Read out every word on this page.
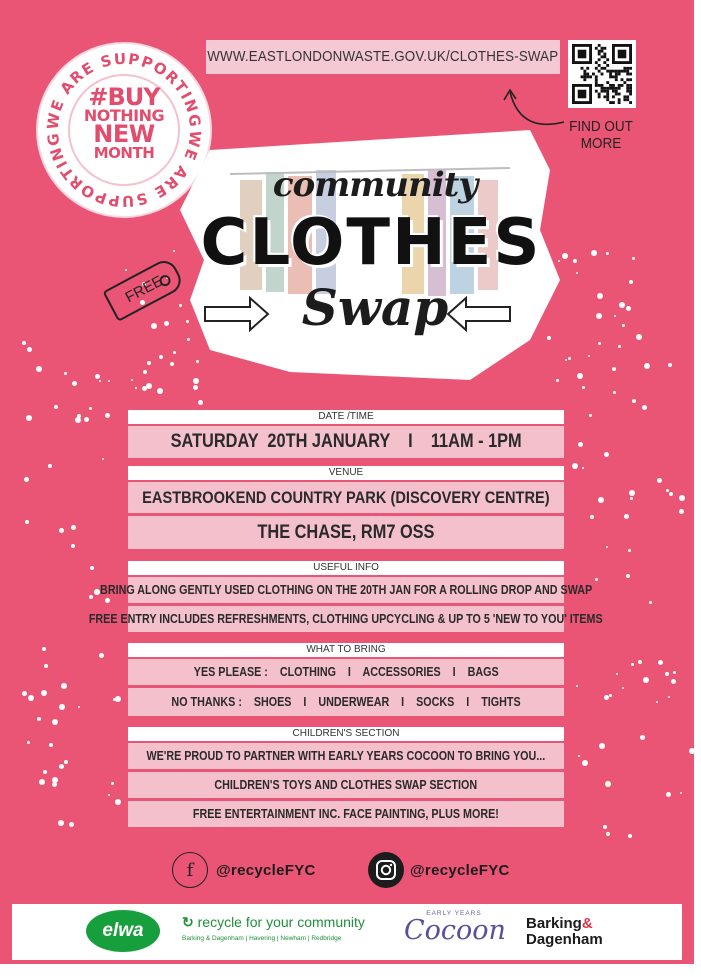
WE ARE SUPPORTING
WE ARE SUPPORTING
#BUY
NOTHING
NEW
MONTH
WWW.EASTLONDONWASTE.GOV.UK/CLOTHES-SWAP
FIND OUT
MORE
community
CLOTHES
Swap
FREE
DATE /TIME
SATURDAY  20TH JANUARY    I    11AM - 1PM
VENUE
EASTBROOKEND COUNTRY PARK (DISCOVERY CENTRE)
THE CHASE, RM7 OSS
USEFUL INFO
BRING ALONG GENTLY USED CLOTHING ON THE 20TH JAN FOR A ROLLING DROP AND SWAP
FREE ENTRY INCLUDES REFRESHMENTS, CLOTHING UPCYCLING & UP TO 5 'NEW TO YOU' ITEMS
WHAT TO BRING
YES PLEASE :    CLOTHING    I    ACCESSORIES    I    BAGS
NO THANKS :    SHOES    I    UNDERWEAR    I    SOCKS    I    TIGHTS
CHILDREN'S SECTION
WE'RE PROUD TO PARTNER WITH EARLY YEARS COCOON TO BRING YOU...
CHILDREN'S TOYS AND CLOTHES SWAP SECTION
FREE ENTERTAINMENT INC. FACE PAINTING, PLUS MORE!
f @recycleFYC	@recycleFYC
elwa	↻ recycle for your community
Barking & Dagenham | Havering | Newham | Redbridge
EARLY YEARS
Cocoon Barking&
Dagenham
